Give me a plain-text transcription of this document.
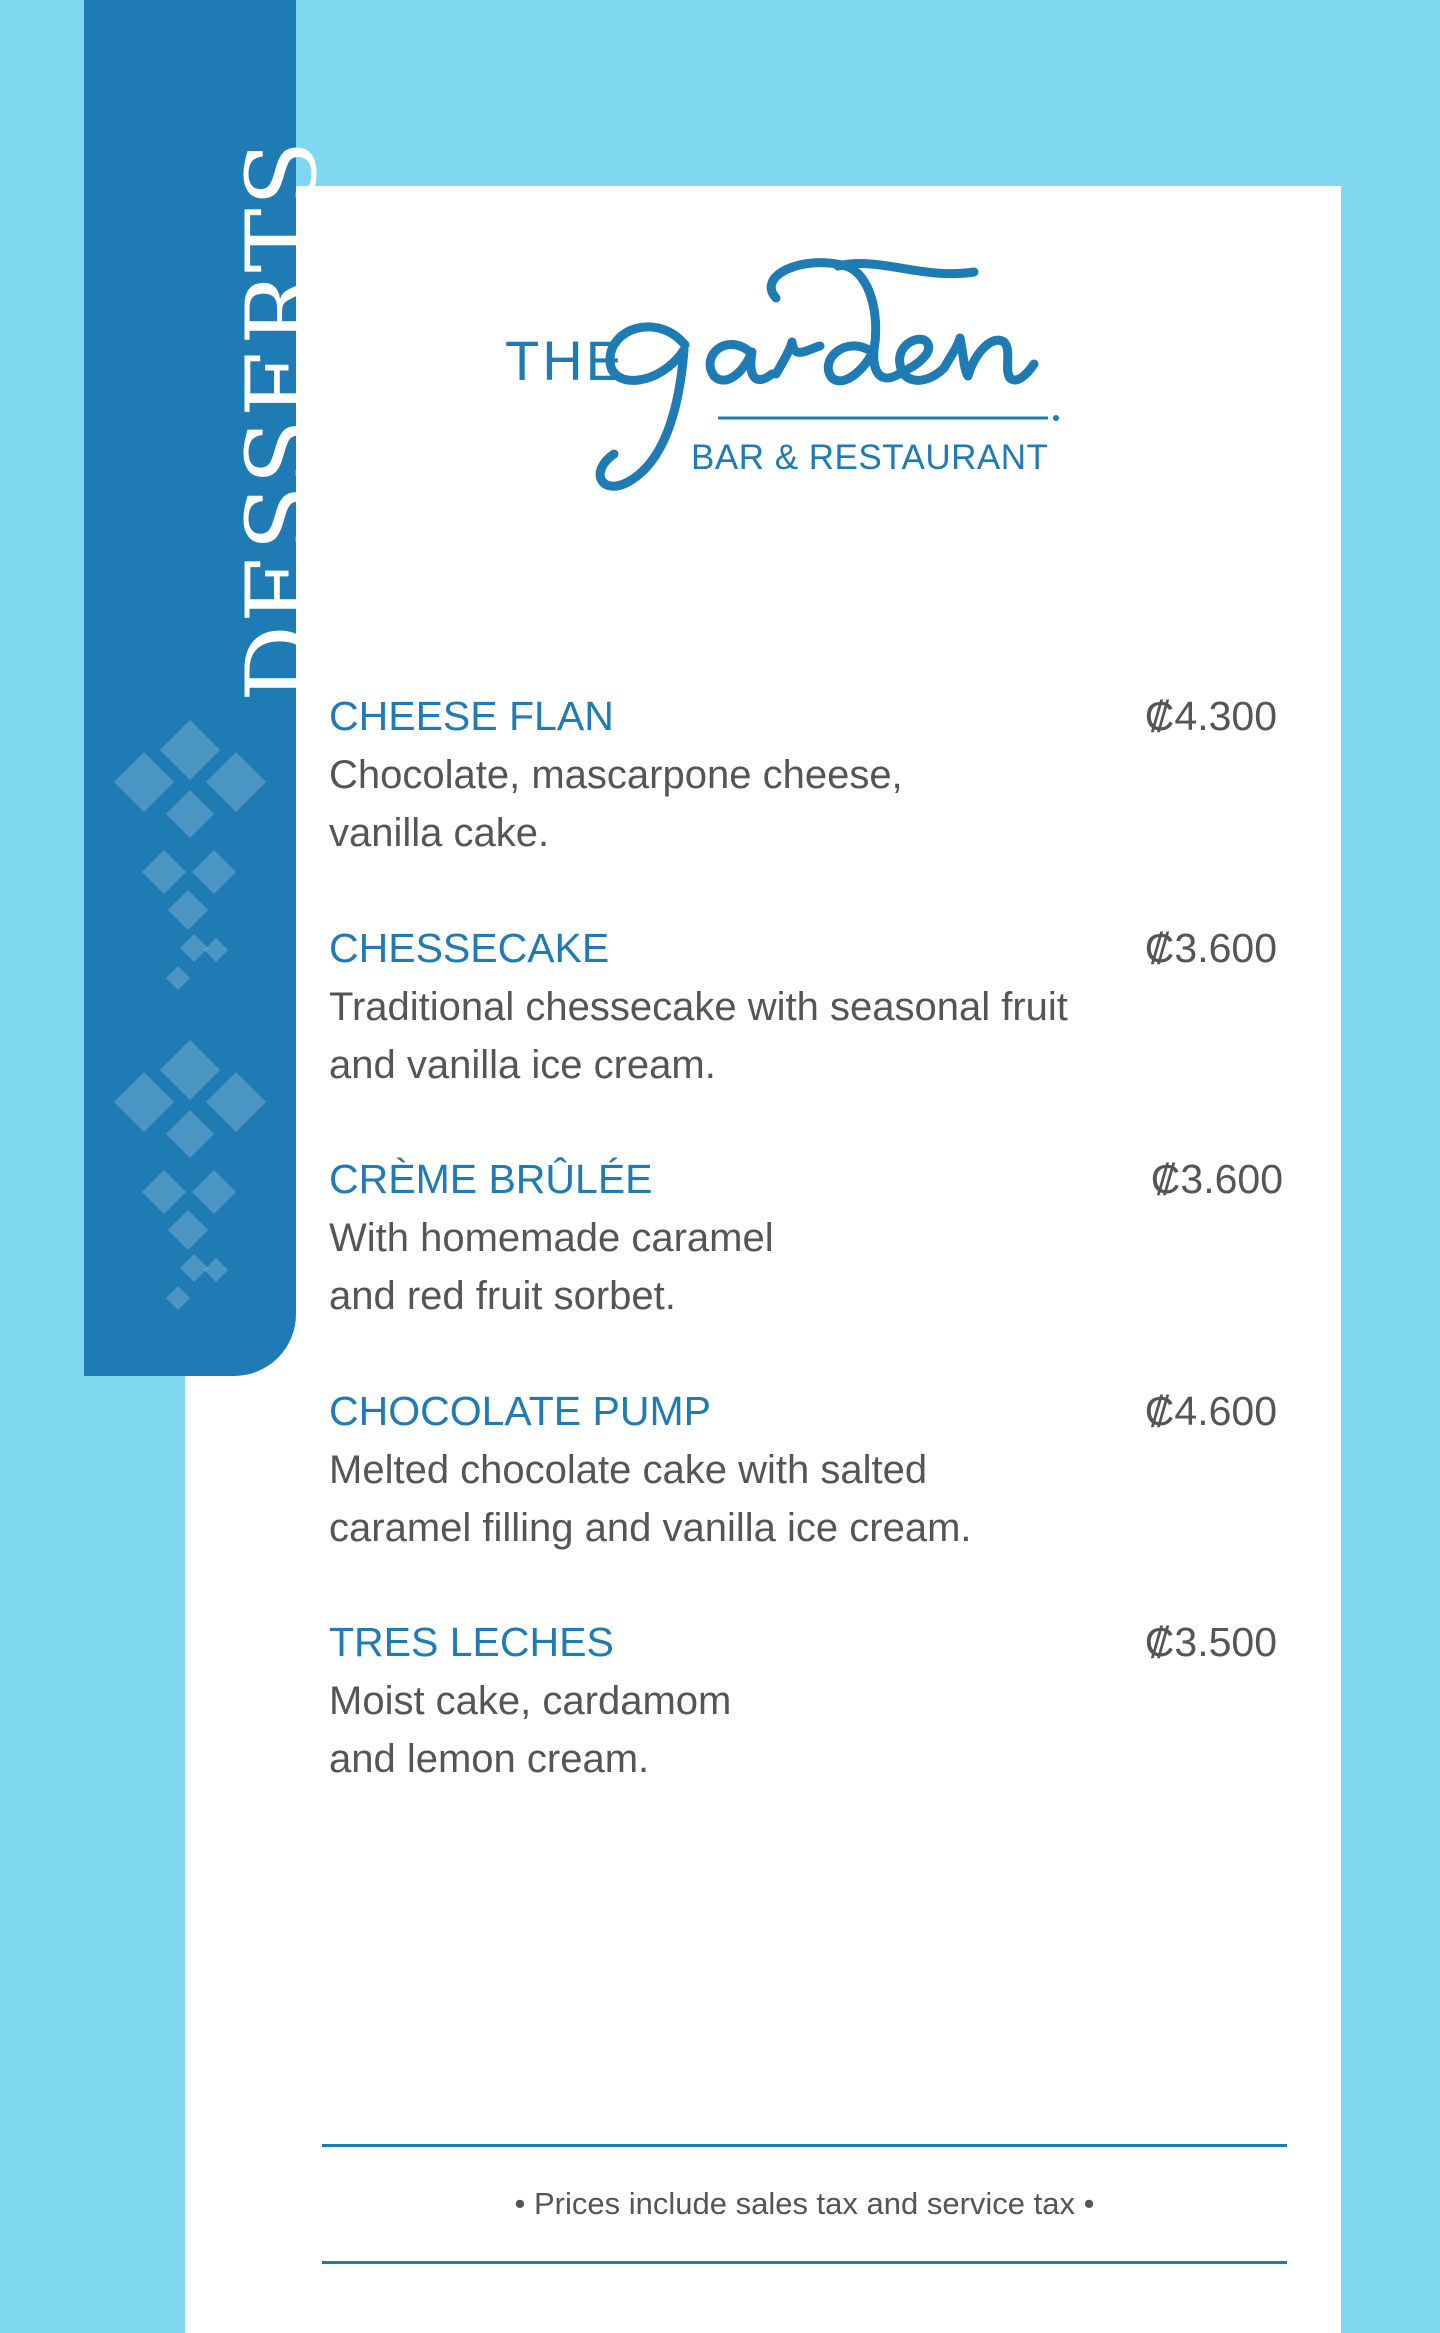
DESSERTS	THE
BAR & RESTAURANT
CHEESE FLAN	₡4.300
Chocolate, mascarpone cheese,
vanilla cake.
CHESSECAKE	₡3.600
Traditional chessecake with seasonal fruit
and vanilla ice cream.
CRÈME BRÛLÉE	₡3.600
With homemade caramel
and red fruit sorbet.
CHOCOLATE PUMP	₡4.600
Melted chocolate cake with salted
caramel filling and vanilla ice cream.
TRES LECHES	₡3.500
Moist cake, cardamom
and lemon cream.
• Prices include sales tax and service tax •
